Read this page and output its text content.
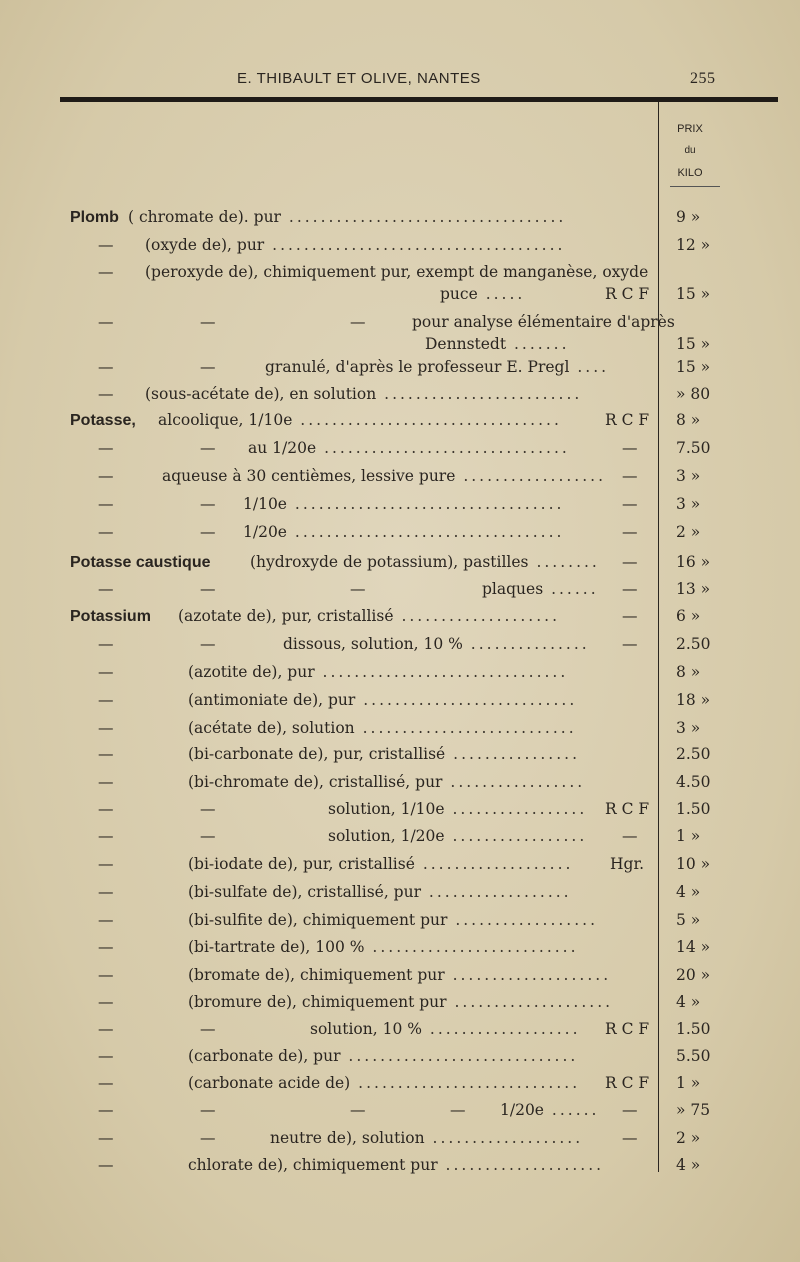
E. THIBAULT ET OLIVE, NANTES	255
PRIX
du
KILO
Plomb ( chromate de). pur ...................................	9 »
— (oxyde de), pur .....................................	12 »
— (peroxyde de), chimiquement pur, exempt de manganèse, oxyde
puce .....	R C F 15 »
—	—	—	pour analyse élémentaire d'après
Dennstedt .......	15 »
—	—	granulé, d'après le professeur E. Pregl ....	15 »
— (sous-acétate de), en solution .........................	» 80
Potasse, alcoolique, 1/10e .................................	R C F 8 »
—	— au 1/20e ...............................	— 7.50
—	aqueuse à 30 centièmes, lessive pure .................. — 3 »
—	— 1/10e ..................................	— 3 »
—	— 1/20e ..................................	— 2 »
Potasse caustique	(hydroxyde de potassium), pastilles ........ — 16 »
—	—	—	plaques ...... — 13 »
Potassium (azotate de), pur, cristallisé ....................	— 6 »
—	—	dissous, solution, 10 % ............... — 2.50
—	(azotite de), pur ...............................	8 »
—	(antimoniate de), pur ...........................	18 »
—	(acétate de), solution ...........................	3 »
—	(bi-carbonate de), pur, cristallisé ................	2.50
—	(bi-chromate de), cristallisé, pur .................	4.50
—	—	solution, 1/10e ................. R C F 1.50
—	—	solution, 1/20e ................. — 1 »
—	(bi-iodate de), pur, cristallisé ................... Hgr. 10 »
—	(bi-sulfate de), cristallisé, pur ..................	4 »
—	(bi-sulfite de), chimiquement pur ..................	5 »
—	(bi-tartrate de), 100 % ..........................	14 »
—	(bromate de), chimiquement pur ....................	20 »
—	(bromure de), chimiquement pur ....................	4 »
—	—	solution, 10 % ................... R C F 1.50
—	(carbonate de), pur .............................	5.50
—	(carbonate acide de) ............................ R C F 1 »
—	—	—	— 1/20e ...... — » 75
—	—	neutre de), solution ...................	— 2 »
—	chlorate de), chimiquement pur ....................	4 »
